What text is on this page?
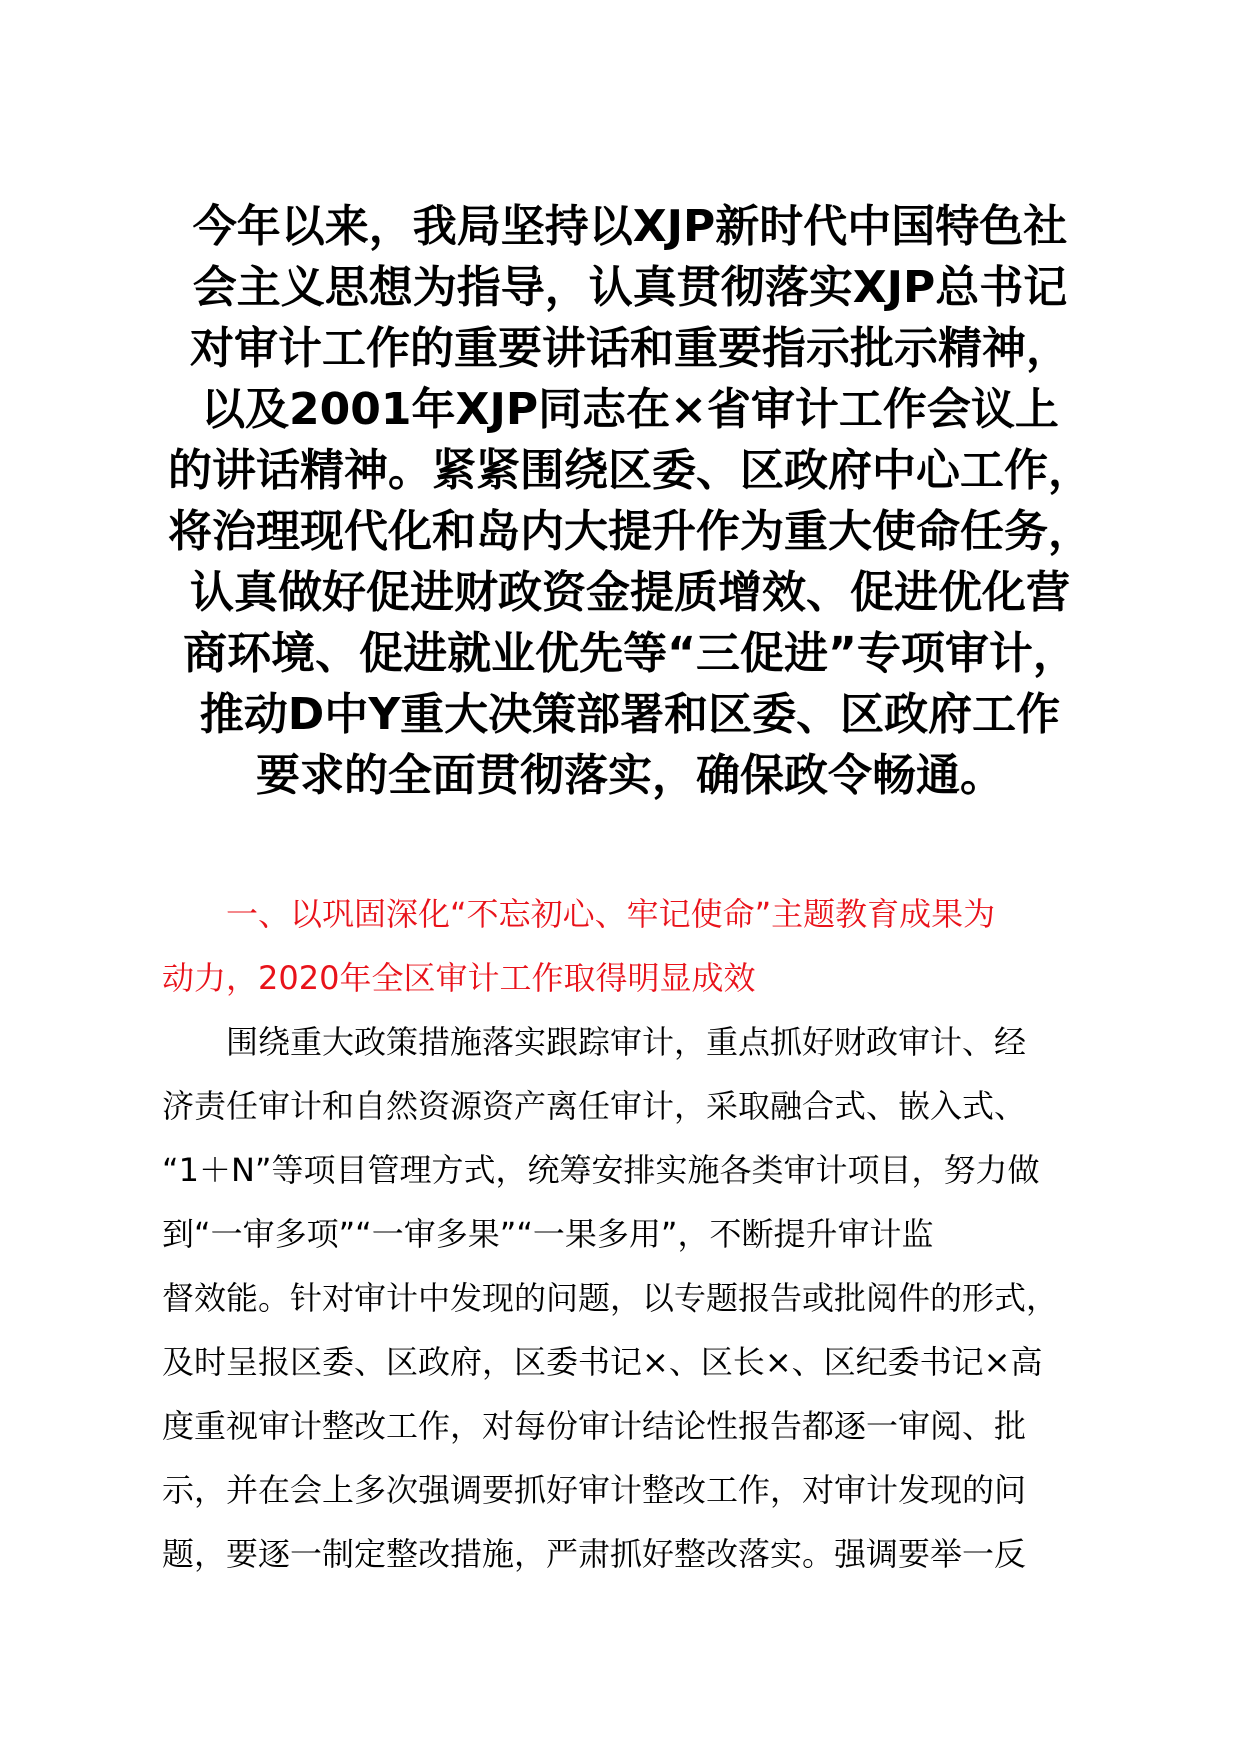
今年以来，我局坚持以XJP新时代中国特色社
会主义思想为指导，认真贯彻落实XJP总书记
对审计工作的重要讲话和重要指示批示精神，
以及2001年XJP同志在×省审计工作会议上
的讲话精神。紧紧围绕区委、区政府中心工作，
将治理现代化和岛内大提升作为重大使命任务，
认真做好促进财政资金提质增效、促进优化营
商环境、促进就业优先等“三促进”专项审计，
推动D中Y重大决策部署和区委、区政府工作
要求的全面贯彻落实，确保政令畅通。
一、以巩固深化“不忘初心、牢记使命”主题教育成果为
动力，2020年全区审计工作取得明显成效
围绕重大政策措施落实跟踪审计，重点抓好财政审计、经
济责任审计和自然资源资产离任审计，采取融合式、嵌入式、
“1＋N”等项目管理方式，统筹安排实施各类审计项目，努力做
到“一审多项”“一审多果”“一果多用”，不断提升审计监
督效能。针对审计中发现的问题，以专题报告或批阅件的形式，
及时呈报区委、区政府，区委书记×、区长×、区纪委书记×高
度重视审计整改工作，对每份审计结论性报告都逐一审阅、批
示，并在会上多次强调要抓好审计整改工作，对审计发现的问
题，要逐一制定整改措施，严肃抓好整改落实。强调要举一反
